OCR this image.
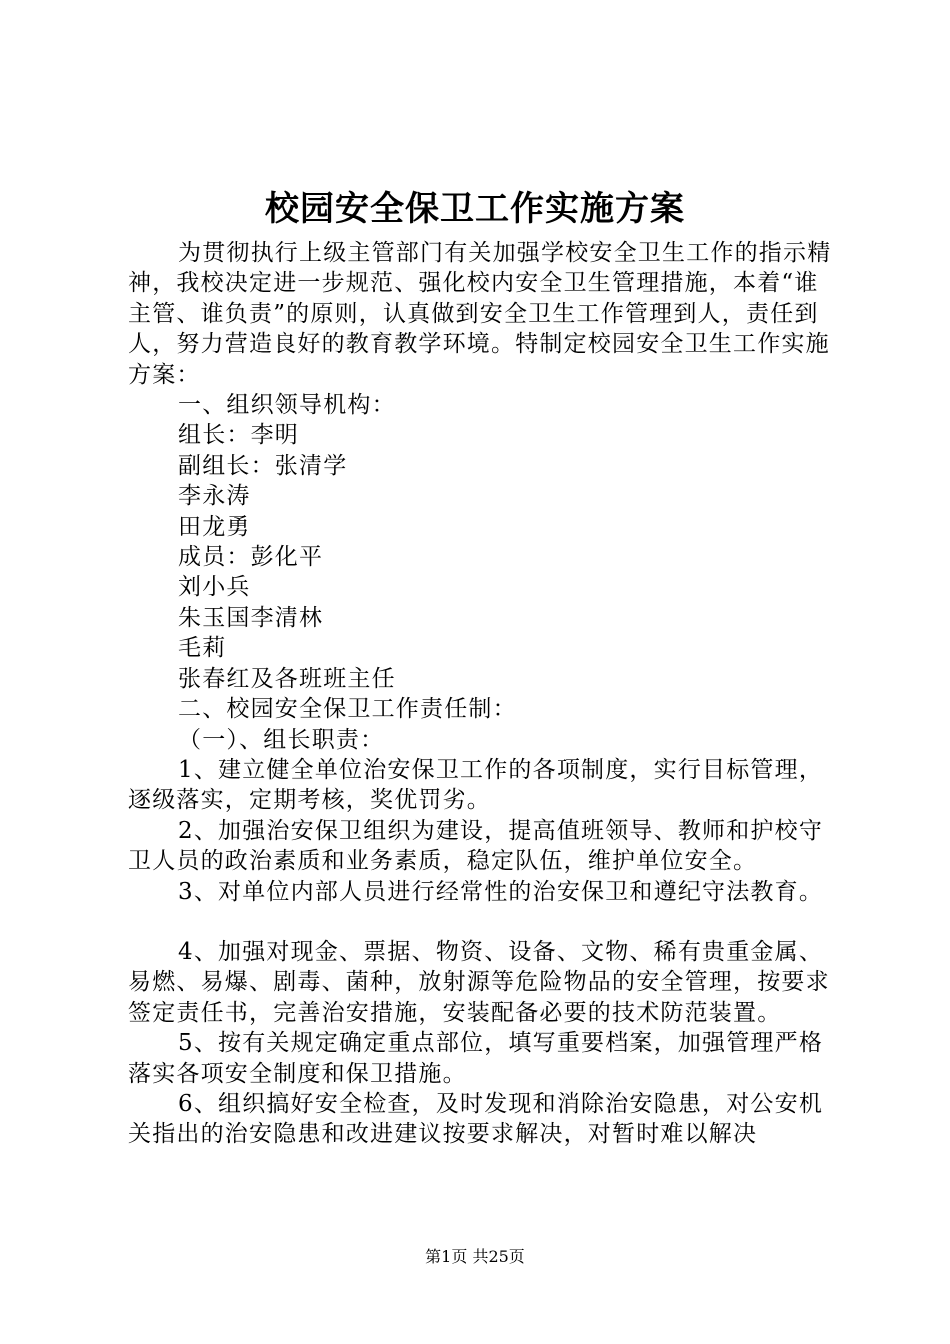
校园安全保卫工作实施方案

为贯彻执行上级主管部门有关加强学校安全卫生工作的指示精神，我校决定进一步规范、强化校内安全卫生管理措施，本着“谁主管、谁负责”的原则，认真做到安全卫生工作管理到人，责任到人，努力营造良好的教育教学环境。特制定校园安全卫生工作实施方案：

一、组织领导机构：

组长：李明

副组长：张清学

李永涛

田龙勇

成员：彭化平

刘小兵

朱玉国李清林

毛莉

张春红及各班班主任

二、校园安全保卫工作责任制：

（一）、组长职责：

1、建立健全单位治安保卫工作的各项制度，实行目标管理，逐级落实，定期考核，奖优罚劣。

2、加强治安保卫组织为建设，提高值班领导、教师和护校守卫人员的政治素质和业务素质，稳定队伍，维护单位安全。

3、对单位内部人员进行经常性的治安保卫和遵纪守法教育。

4、加强对现金、票据、物资、设备、文物、稀有贵重金属、易燃、易爆、剧毒、菌种，放射源等危险物品的安全管理，按要求签定责任书，完善治安措施，安装配备必要的技术防范装置。

5、按有关规定确定重点部位，填写重要档案，加强管理严格落实各项安全制度和保卫措施。

6、组织搞好安全检查，及时发现和消除治安隐患，对公安机关指出的治安隐患和改进建议按要求解决，对暂时难以解决

第1页 共25页
